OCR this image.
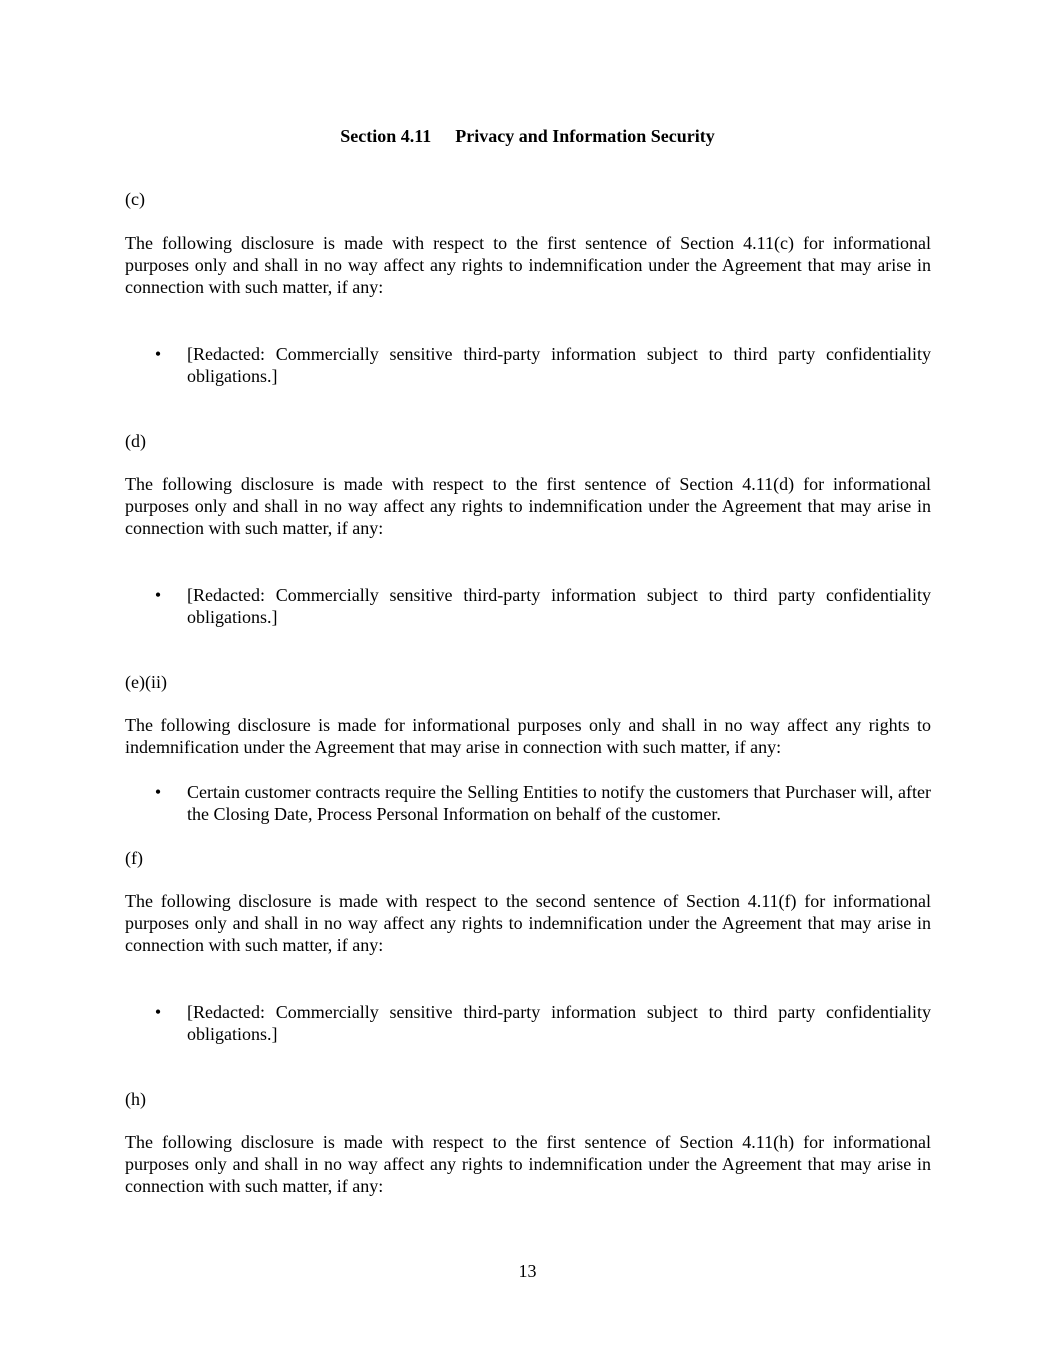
Section 4.11 Privacy and Information Security
(c)
The following disclosure is made with respect to the first sentence of Section 4.11(c) for informational purposes only and shall in no way affect any rights to indemnification under the Agreement that may arise in connection with such matter, if any:
• [Redacted: Commercially sensitive third-party information subject to third party confidentiality obligations.]
(d)
The following disclosure is made with respect to the first sentence of Section 4.11(d) for informational purposes only and shall in no way affect any rights to indemnification under the Agreement that may arise in connection with such matter, if any:
• [Redacted: Commercially sensitive third-party information subject to third party confidentiality obligations.]
(e)(ii)
The following disclosure is made for informational purposes only and shall in no way affect any rights to indemnification under the Agreement that may arise in connection with such matter, if any:
• Certain customer contracts require the Selling Entities to notify the customers that Purchaser will, after the Closing Date, Process Personal Information on behalf of the customer.
(f)
The following disclosure is made with respect to the second sentence of Section 4.11(f) for informational purposes only and shall in no way affect any rights to indemnification under the Agreement that may arise in connection with such matter, if any:
• [Redacted: Commercially sensitive third-party information subject to third party confidentiality obligations.]
(h)
The following disclosure is made with respect to the first sentence of Section 4.11(h) for informational purposes only and shall in no way affect any rights to indemnification under the Agreement that may arise in connection with such matter, if any:
13
